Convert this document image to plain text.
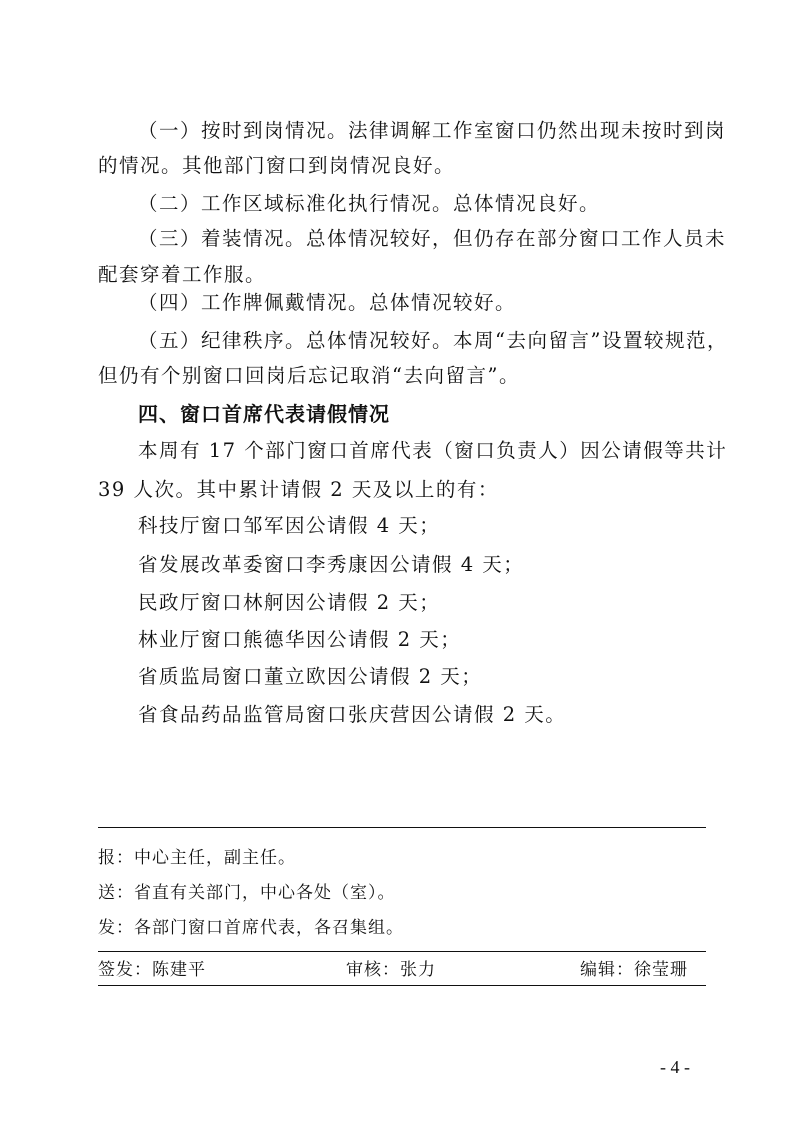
（一）按时到岗情况。法律调解工作室窗口仍然出现未按时到岗
的情况。其他部门窗口到岗情况良好。
（二）工作区域标准化执行情况。总体情况良好。
（三）着装情况。总体情况较好，但仍存在部分窗口工作人员未
配套穿着工作服。
（四）工作牌佩戴情况。总体情况较好。
（五）纪律秩序。总体情况较好。本周“去向留言”设置较规范，
但仍有个别窗口回岗后忘记取消“去向留言”。
四、窗口首席代表请假情况
本周有 17 个部门窗口首席代表（窗口负责人）因公请假等共计
39 人次。其中累计请假 2 天及以上的有：
科技厅窗口邹军因公请假 4 天；
省发展改革委窗口李秀康因公请假 4 天；
民政厅窗口林舸因公请假 2 天；
林业厅窗口熊德华因公请假 2 天；
省质监局窗口董立欧因公请假 2 天；
省食品药品监管局窗口张庆营因公请假 2 天。
报：中心主任，副主任。
送：省直有关部门，中心各处（室）。
发：各部门窗口首席代表，各召集组。
签发：陈建平	审核：张力	编辑：徐莹珊
- 4 -
